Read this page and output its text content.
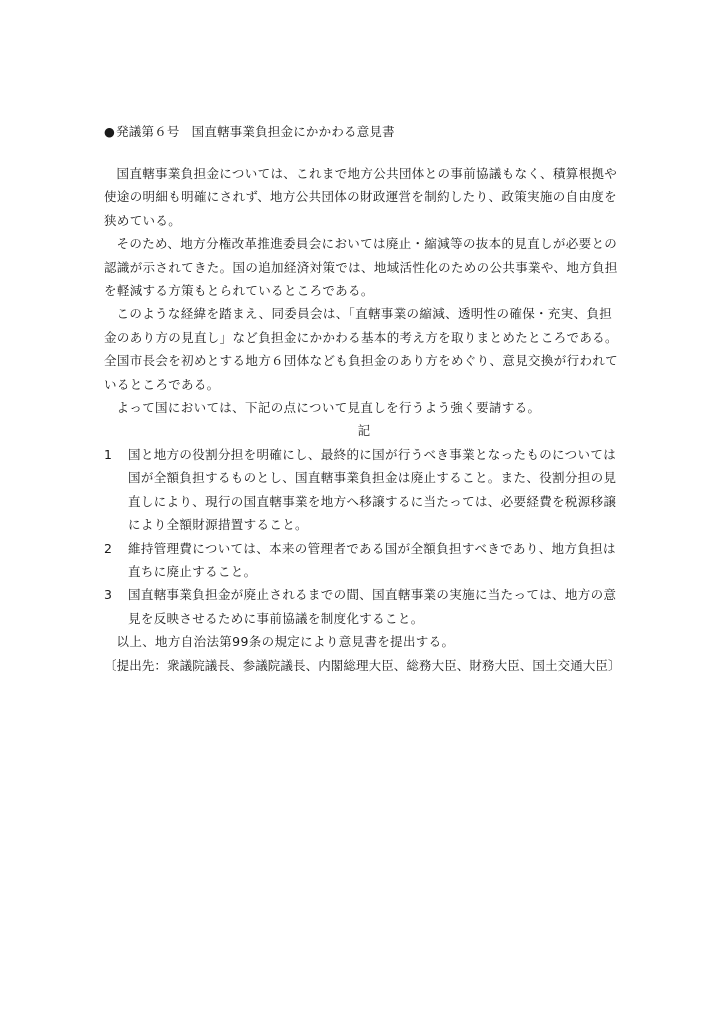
●発議第６号 国直轄事業負担金にかかわる意見書

国直轄事業負担金については、これまで地方公共団体との事前協議もなく、積算根拠や使途の明細も明確にされず、地方公共団体の財政運営を制約したり、政策実施の自由度を狭めている。

そのため、地方分権改革推進委員会においては廃止・縮減等の抜本的見直しが必要との認識が示されてきた。国の追加経済対策では、地域活性化のための公共事業や、地方負担を軽減する方策もとられているところである。

このような経緯を踏まえ、同委員会は、「直轄事業の縮減、透明性の確保・充実、負担金のあり方の見直し」など負担金にかかわる基本的考え方を取りまとめたところである。全国市長会を初めとする地方６団体なども負担金のあり方をめぐり、意見交換が行われているところである。

よって国においては、下記の点について見直しを行うよう強く要請する。

記

1	国と地方の役割分担を明確にし、最終的に国が行うべき事業となったものについては国が全額負担するものとし、国直轄事業負担金は廃止すること。また、役割分担の見直しにより、現行の国直轄事業を地方へ移譲するに当たっては、必要経費を税源移譲により全額財源措置すること。
2	維持管理費については、本来の管理者である国が全額負担すべきであり、地方負担は直ちに廃止すること。
3	国直轄事業負担金が廃止されるまでの間、国直轄事業の実施に当たっては、地方の意見を反映させるために事前協議を制度化すること。

以上、地方自治法第99条の規定により意見書を提出する。

〔提出先：衆議院議長、参議院議長、内閣総理大臣、総務大臣、財務大臣、国土交通大臣〕
